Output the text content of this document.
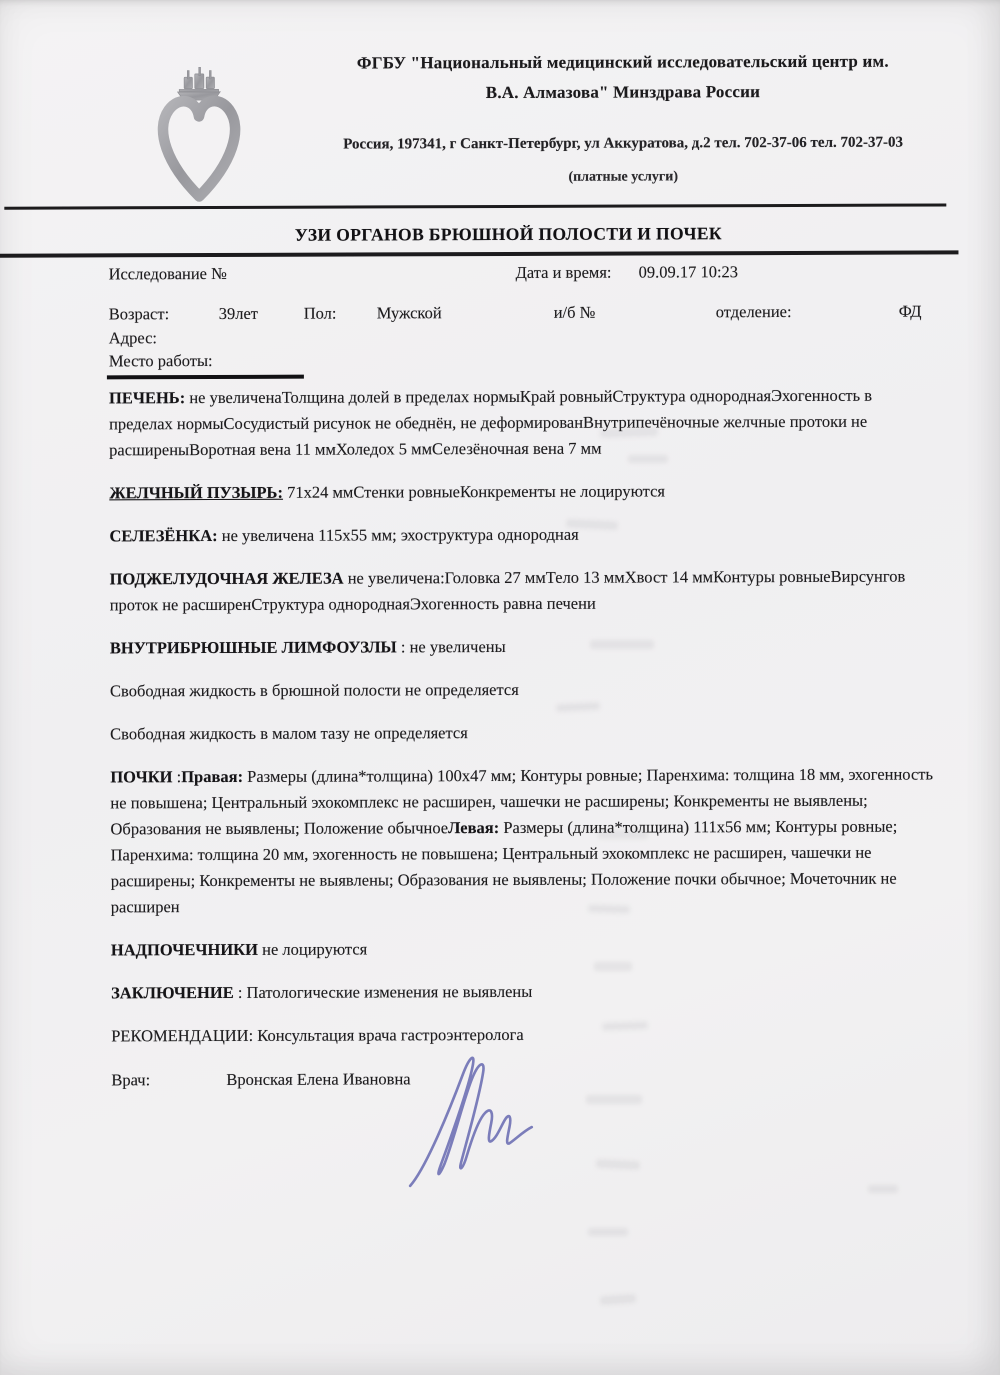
ФГБУ "Национальный медицинский исследовательский центр им.
В.А. Алмазова" Минздрава России
Россия, 197341, г Санкт-Петербург, ул Аккуратова, д.2 тел. 702-37-06 тел. 702-37-03
(платные услуги)
УЗИ ОРГАНОВ БРЮШНОЙ ПОЛОСТИ И ПОЧЕК
Исследование №	Дата и время: 09.09.17 10:23
Возраст:	39лет	Пол: Мужской	и/б №	отделение:	ФД
Адрес:
Место работы:

ПЕЧЕНЬ: не увеличенаТолщина долей в пределах нормыКрай ровныйСтруктура однороднаяЭхогенность в пределах нормыСосудистый рисунок не обеднён, не деформированВнутрипечёночные желчные протоки не расширеныВоротная вена 11 ммХоледох 5 ммСелезёночная вена 7 мм

ЖЕЛЧНЫЙ ПУЗЫРЬ: 71х24 ммСтенки ровныеКонкременты не лоцируются

СЕЛЕЗЁНКА: не увеличена 115х55 мм; эхоструктура однородная

ПОДЖЕЛУДОЧНАЯ ЖЕЛЕЗА не увеличена:Головка 27 ммТело 13 ммХвост 14 ммКонтуры ровныеВирсунгов проток не расширенСтруктура однороднаяЭхогенность равна печени

ВНУТРИБРЮШНЫЕ ЛИМФОУЗЛЫ : не увеличены

Свободная жидкость в брюшной полости не определяется

Свободная жидкость в малом тазу не определяется

ПОЧКИ :Правая: Размеры (длина*толщина) 100х47 мм; Контуры ровные; Паренхима: толщина 18 мм, эхогенность не повышена; Центральный эхокомплекс не расширен, чашечки не расширены; Конкременты не выявлены; Образования не выявлены; Положение обычноеЛевая: Размеры (длина*толщина) 111х56 мм; Контуры ровные; Паренхима: толщина 20 мм, эхогенность не повышена; Центральный эхокомплекс не расширен, чашечки не расширены; Конкременты не выявлены; Образования не выявлены; Положение почки обычное; Мочеточник не расширен

НАДПОЧЕЧНИКИ не лоцируются

ЗАКЛЮЧЕНИЕ : Патологические изменения не выявлены

РЕКОМЕНДАЦИИ: Консультация врача гастроэнтеролога

Врач:	Вронская Елена Ивановна
